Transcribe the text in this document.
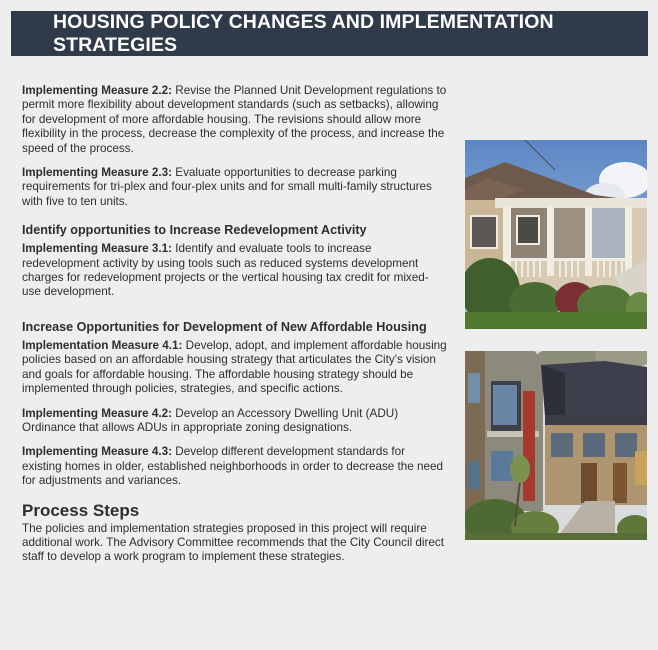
HOUSING POLICY CHANGES AND IMPLEMENTATION STRATEGIES

Implementing Measure 2.2: Revise the Planned Unit Development regulations to permit more flexibility about development standards (such as setbacks), allowing for development of more affordable housing. The revisions should allow more flexibility in the process, decrease the complexity of the process, and increase the speed of the process.

Implementing Measure 2.3: Evaluate opportunities to decrease parking requirements for tri-plex and four-plex units and for small multi-family structures with five to ten units.

Identify opportunities to Increase Redevelopment Activity

Implementing Measure 3.1: Identify and evaluate tools to increase redevelopment activity by using tools such as reduced systems development charges for redevelopment projects or the vertical housing tax credit for mixed-use development.

Increase Opportunities for Development of New Affordable Housing

Implementation Measure 4.1: Develop, adopt, and implement affordable housing policies based on an affordable housing strategy that articulates the City's vision and goals for affordable housing. The affordable housing strategy should be implemented through policies, strategies, and specific actions.

Implementing Measure 4.2: Develop an Accessory Dwelling Unit (ADU) Ordinance that allows ADUs in appropriate zoning designations.

Implementing Measure 4.3: Develop different development standards for existing homes in older, established neighborhoods in order to decrease the need for adjustments and variances.

Process Steps

The policies and implementation strategies proposed in this project will require additional work. The Advisory Committee recommends that the City Council direct staff to develop a work program to implement these strategies.
